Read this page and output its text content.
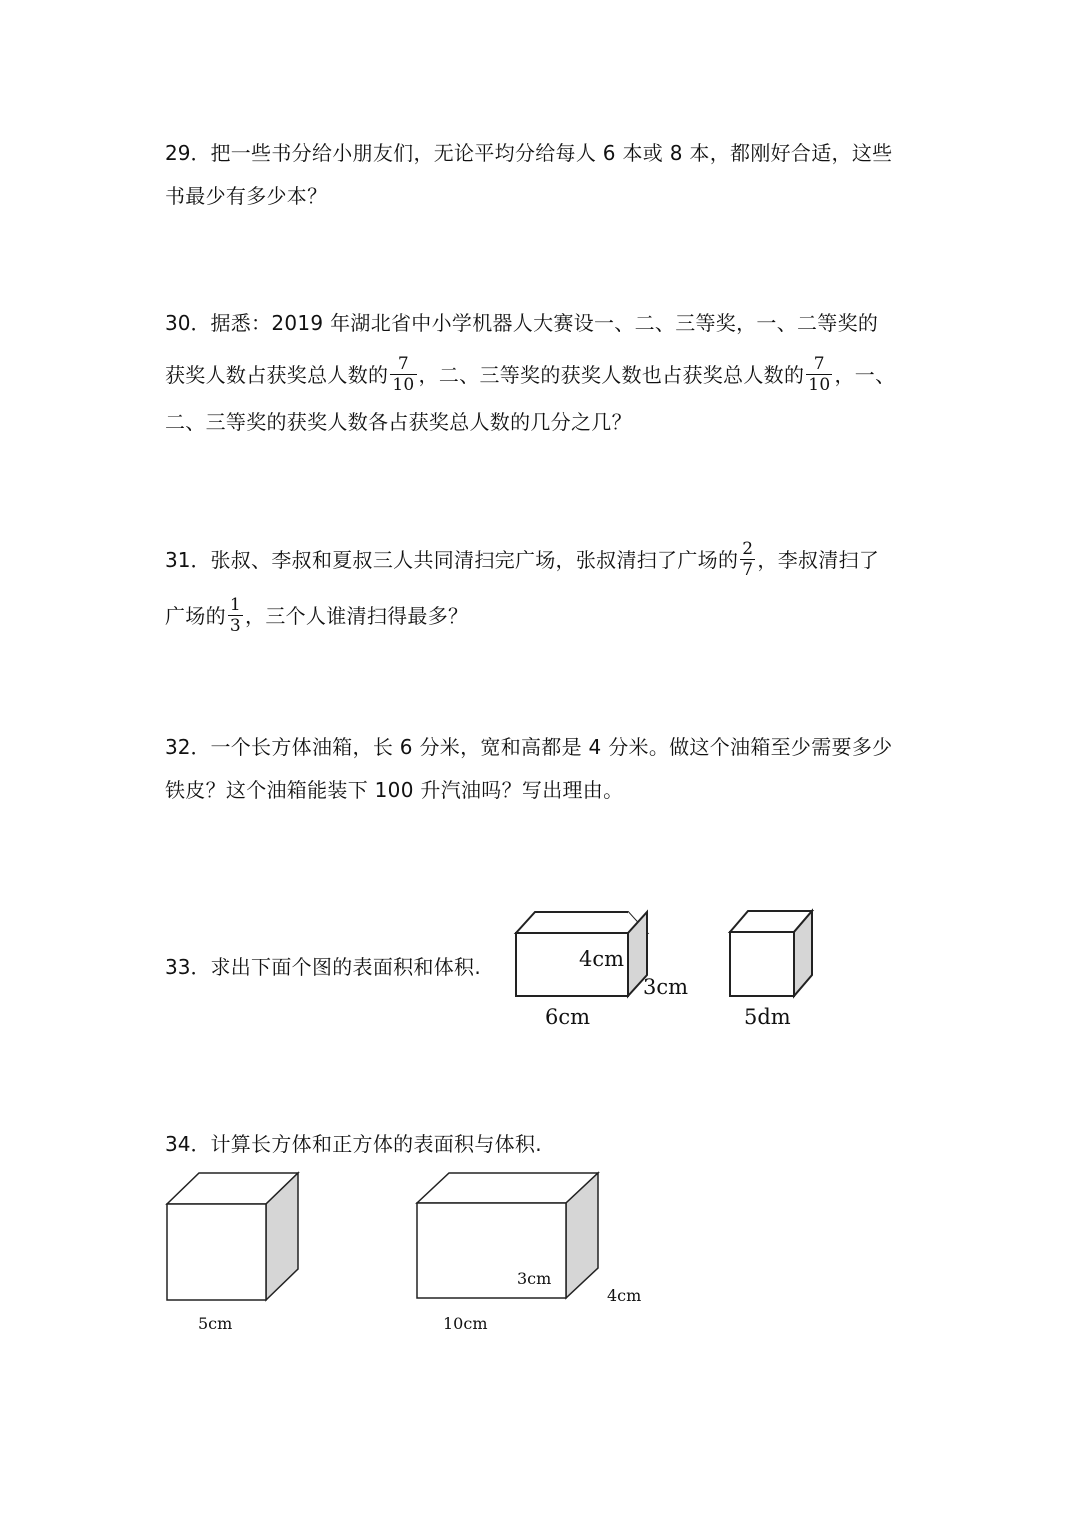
29．把一些书分给小朋友们，无论平均分给每人 6 本或 8 本，都刚好合适，这些
书最少有多少本？
30．据悉：2019 年湖北省中小学机器人大赛设一、二、三等奖，一、二等奖的
获奖人数占获奖总人数的 $\frac{7}{10}$ ，二、三等奖的获奖人数也占获奖总人数的 $\frac{7}{10}$ ，一、
二、三等奖的获奖人数各占获奖总人数的几分之几？
31．张叔、李叔和夏叔三人共同清扫完广场，张叔清扫了广场的 $\frac{2}{7}$ ，李叔清扫了
广场的 $\frac{1}{3}$ ，三个人谁清扫得最多？
32．一个长方体油箱，长 6 分米，宽和高都是 4 分米。做这个油箱至少需要多少
铁皮？这个油箱能装下 100 升汽油吗？写出理由。
33．求出下面个图的表面积和体积.	4cm
3cm
6cm	5dm
34．计算长方体和正方体的表面积与体积.
5cm
3cm
4cm
10cm
